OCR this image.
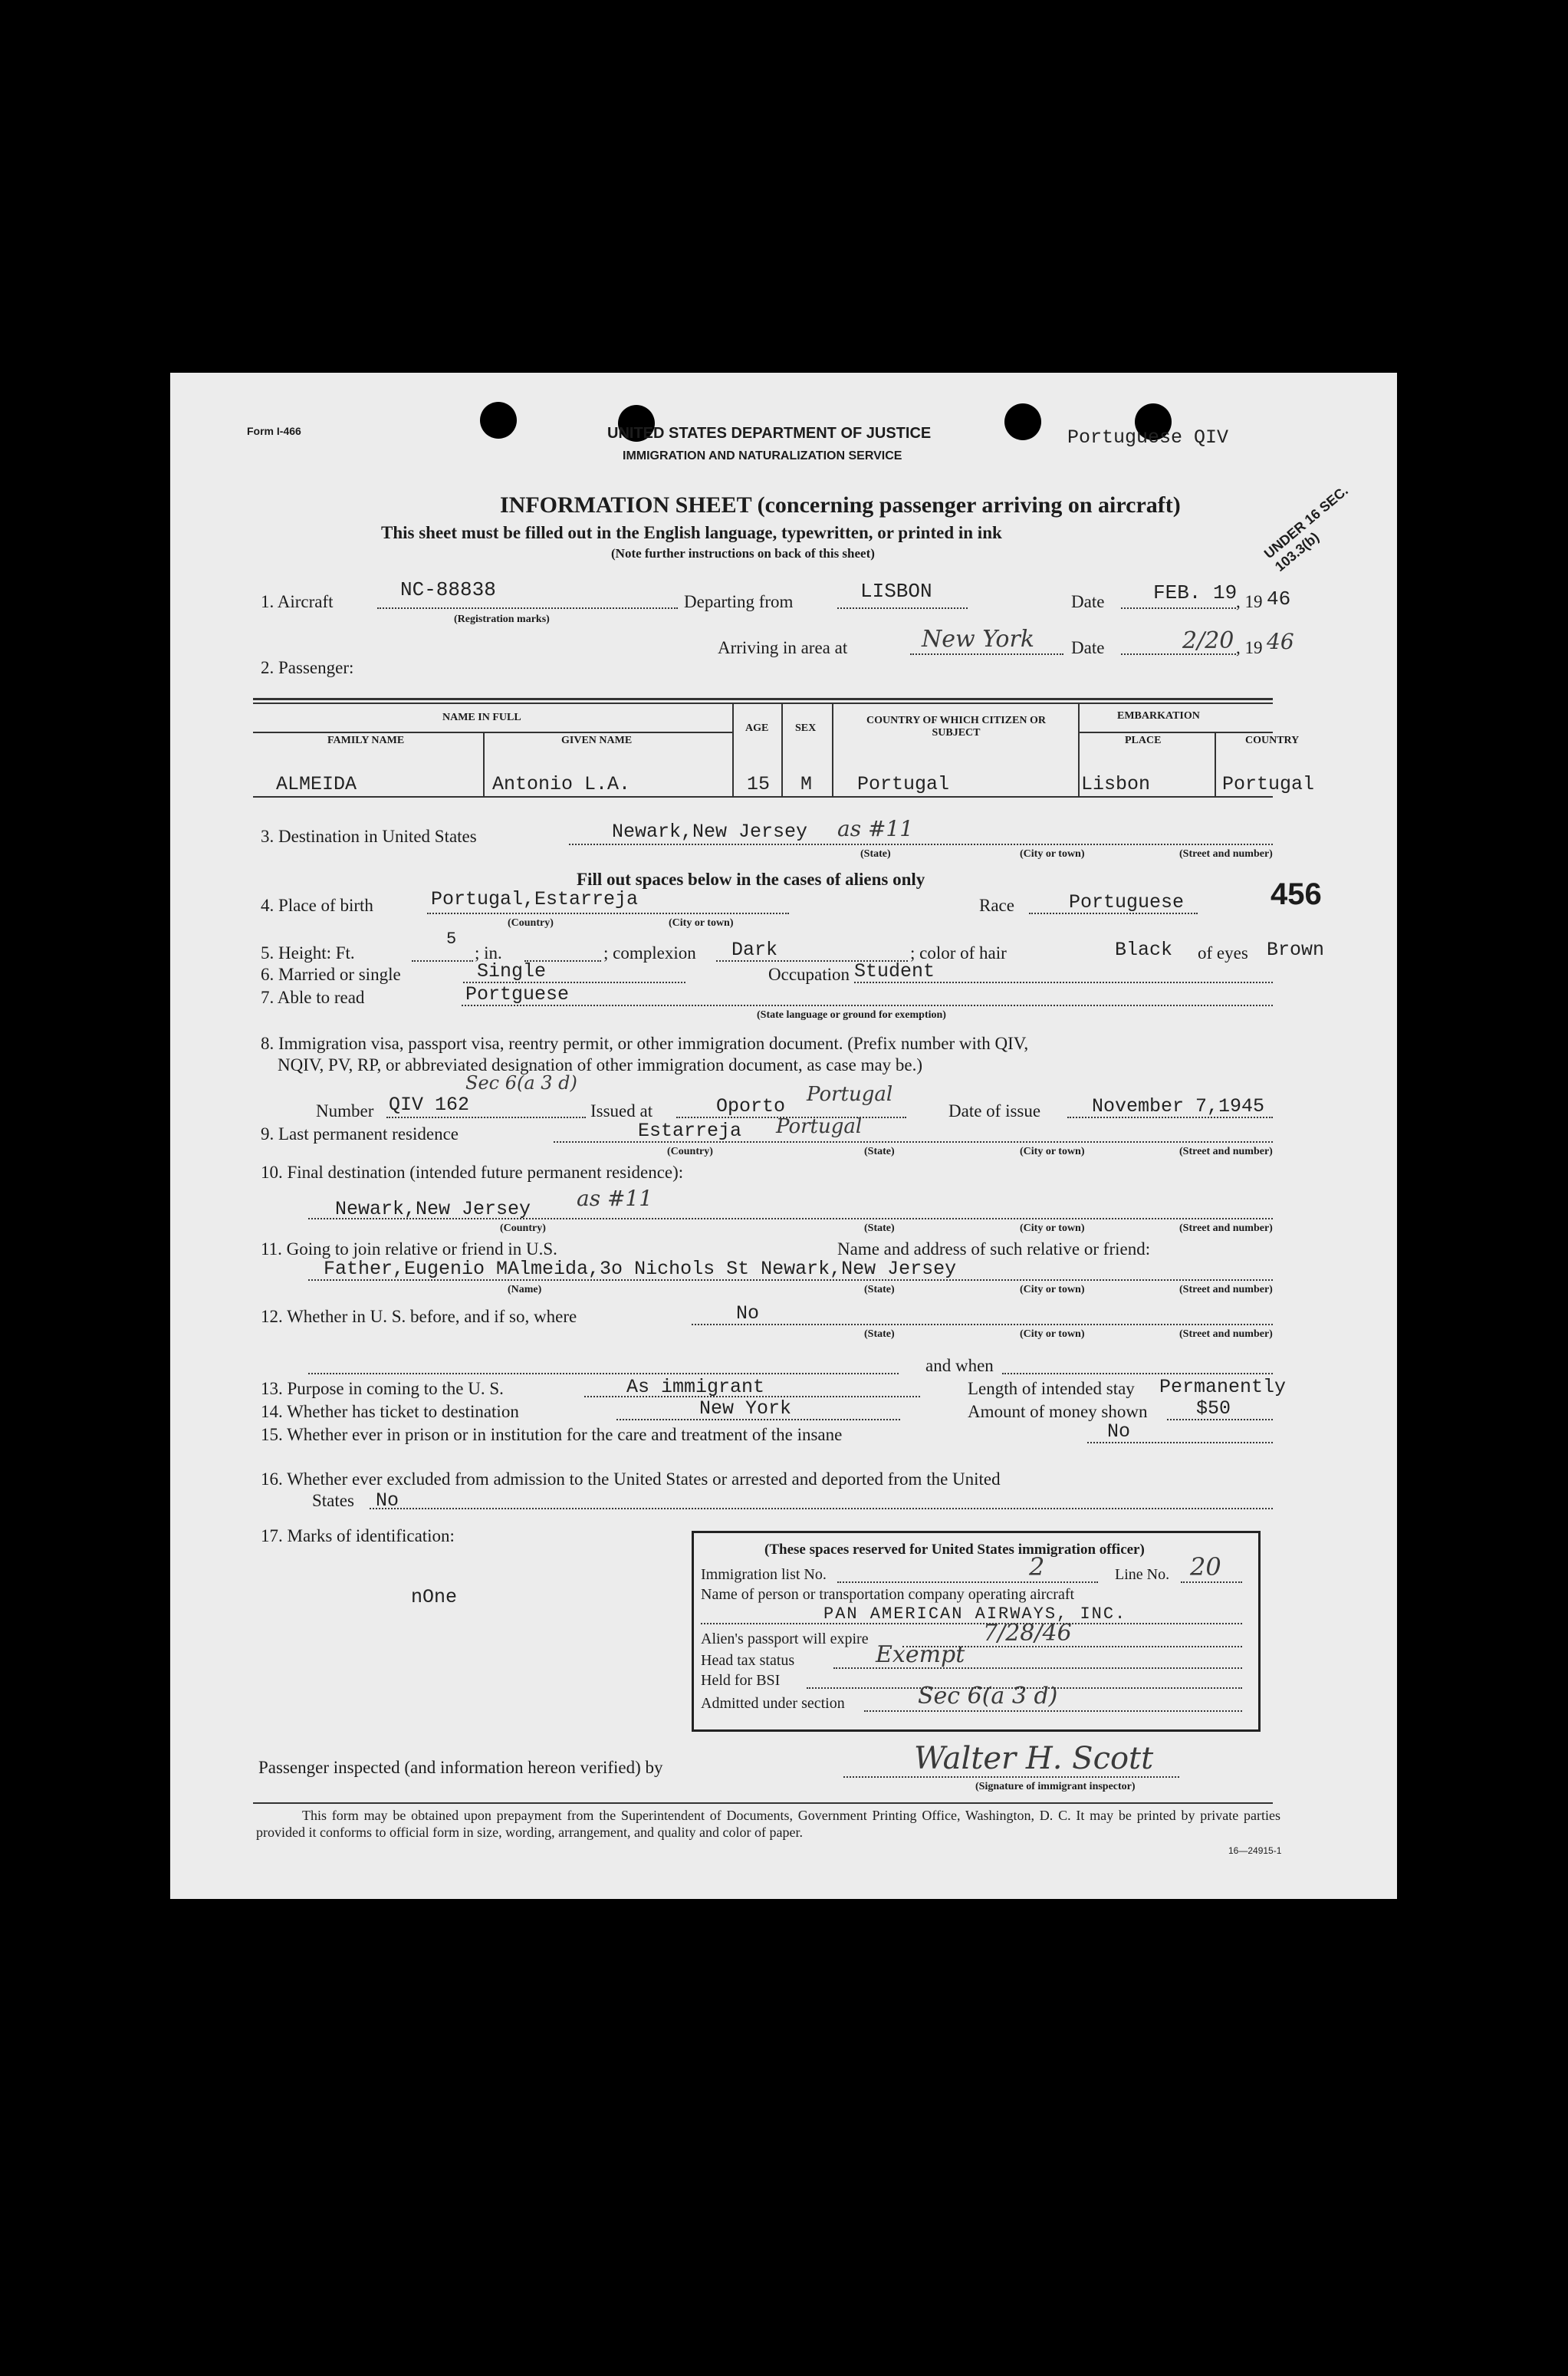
Form I-466	UNITED STATES DEPARTMENT OF JUSTICE
IMMIGRATION AND NATURALIZATION SERVICE
Portuguese QIV
INFORMATION SHEET (concerning passenger arriving on aircraft)
This sheet must be filled out in the English language, typewritten, or printed in ink
(Note further instructions on back of this sheet)	UNDER 16 SEC. 103.3(b)
1. Aircraft
NC-88838
(Registration marks)
Departing from	LISBON	Date FEB. 19
, 19 46
Arriving in area at	New York Date	2/20 , 19 46
2. Passenger:
NAME IN FULL
FAMILY NAME	GIVEN NAME
AGE SEX
COUNTRY OF WHICH CITIZEN OR SUBJECT
EMBARKATION
PLACE	COUNTRY
ALMEIDA	Antonio L.A.	15 M Portugal	Lisbon	Portugal
3. Destination in United States	Newark,New Jersey as #11
(State)	(City or town)	(Street and number)
Fill out spaces below in the cases of aliens only
4. Place of birth	Portugal,Estarreja
(Country)	(City or town)
Race	Portuguese	456
5
5. Height: Ft.	; in.	; complexion Dark	; color of hair	Black of eyes Brown
6. Married or single	Single	Occupation Student
7. Able to read	Portguese
(State language or ground for exemption)
8. Immigration visa, passport visa, reentry permit, or other immigration document. (Prefix number with QIV,
NQIV, PV, RP, or abbreviated designation of other immigration document, as case may be.)
Sec 6(a 3 d)
Number QIV 162	Issued at	Oporto
Portugal
Date of issue	November 7,1945
9. Last permanent residence	Estarreja Portugal
(Country)	(State)	(City or town)	(Street and number)
10. Final destination (intended future permanent residence):
Newark,New Jersey as #11
(Country)	(State)	(City or town)	(Street and number)
11. Going to join relative or friend in U.S.	Name and address of such relative or friend:
Father,Eugenio MAlmeida,3o Nichols St Newark,New Jersey
(Name)	(State)	(City or town)	(Street and number)
12. Whether in U. S. before, and if so, where	No
(State)	(City or town)	(Street and number)
and when
13. Purpose in coming to the U. S.	As immigrant	Length of intended stay Permanently
14. Whether has ticket to destination	New York	Amount of money shown	$50
15. Whether ever in prison or in institution for the care and treatment of the insane	No
16. Whether ever excluded from admission to the United States or arrested and deported from the United
States No
17. Marks of identification:
nOne
(These spaces reserved for United States immigration officer)
Immigration list No.	2	Line No. 20
Name of person or transportation company operating aircraft
PAN AMERICAN AIRWAYS, INC.
Alien's passport will expire	7/28/46
Head tax status	Exempt
Held for BSI
Admitted under section	Sec 6(a 3 d)
Passenger inspected (and information hereon verified) by	Walter H. Scott
(Signature of immigrant inspector)
This form may be obtained upon prepayment from the Superintendent of Documents, Government Printing Office, Washington, D. C. It may be printed by private parties provided it conforms to official form in size, wording, arrangement, and quality and color of paper.
16—24915-1
